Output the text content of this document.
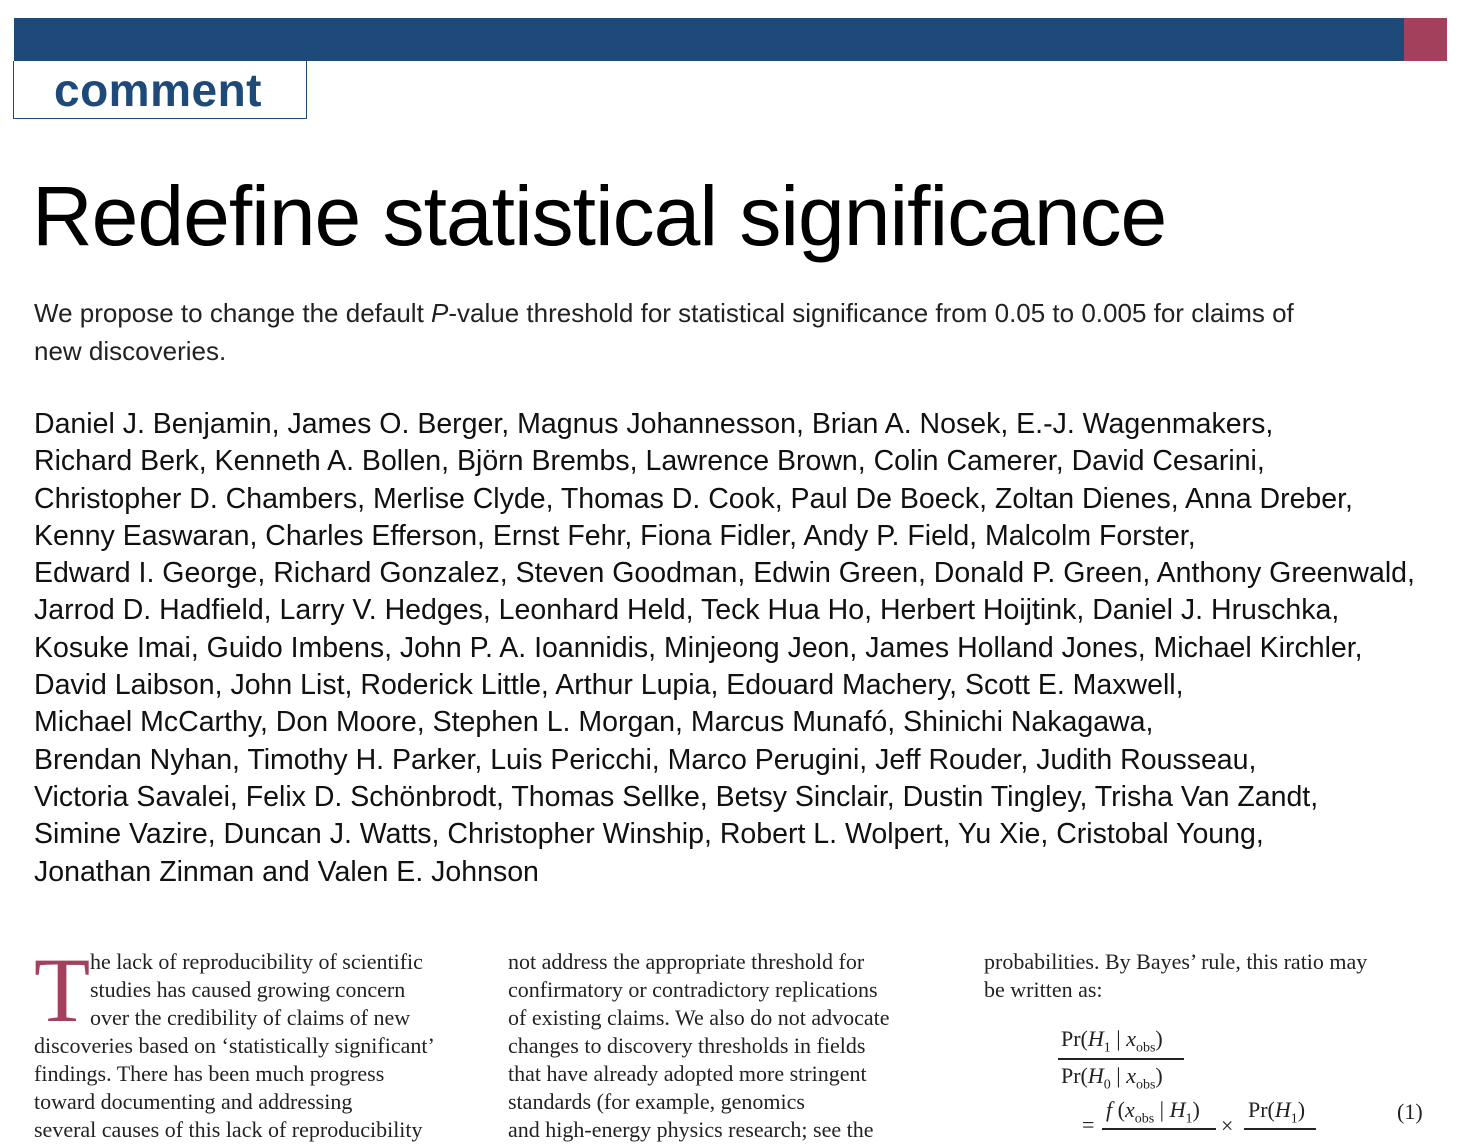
comment
Redefine statistical significance

We propose to change the default P-value threshold for statistical significance from 0.05 to 0.005 for claims of
new discoveries.

Daniel J. Benjamin, James O. Berger, Magnus Johannesson, Brian A. Nosek, E.-J. Wagenmakers,
Richard Berk, Kenneth A. Bollen, Björn Brembs, Lawrence Brown, Colin Camerer, David Cesarini,
Christopher D. Chambers, Merlise Clyde, Thomas D. Cook, Paul De Boeck, Zoltan Dienes, Anna Dreber,
Kenny Easwaran, Charles Efferson, Ernst Fehr, Fiona Fidler, Andy P. Field, Malcolm Forster,
Edward I. George, Richard Gonzalez, Steven Goodman, Edwin Green, Donald P. Green, Anthony Greenwald,
Jarrod D. Hadfield, Larry V. Hedges, Leonhard Held, Teck Hua Ho, Herbert Hoijtink, Daniel J. Hruschka,
Kosuke Imai, Guido Imbens, John P. A. Ioannidis, Minjeong Jeon, James Holland Jones, Michael Kirchler,
David Laibson, John List, Roderick Little, Arthur Lupia, Edouard Machery, Scott E. Maxwell,
Michael McCarthy, Don Moore, Stephen L. Morgan, Marcus Munafó, Shinichi Nakagawa,
Brendan Nyhan, Timothy H. Parker, Luis Pericchi, Marco Perugini, Jeff Rouder, Judith Rousseau,
Victoria Savalei, Felix D. Schönbrodt, Thomas Sellke, Betsy Sinclair, Dustin Tingley, Trisha Van Zandt,
Simine Vazire, Duncan J. Watts, Christopher Winship, Robert L. Wolpert, Yu Xie, Cristobal Young,
Jonathan Zinman and Valen E. Johnson
T he lack of reproducibility of scientific
studies has caused growing concern
over the credibility of claims of new
discoveries based on ‘statistically significant’
findings. There has been much progress
toward documenting and addressing
several causes of this lack of reproducibility
not address the appropriate threshold for
confirmatory or contradictory replications
of existing claims. We also do not advocate
changes to discovery thresholds in fields
that have already adopted more stringent
standards (for example, genomics
and high-energy physics research; see the
probabilities. By Bayes’ rule, this ratio may
be written as:
$Pr(H_1$ | $x_{obs}$)
$Pr(H_0$ | $x_{obs}$)
=
f ($x_{obs}$ | $H_1$)
×
$Pr(H_1)$	(1)
